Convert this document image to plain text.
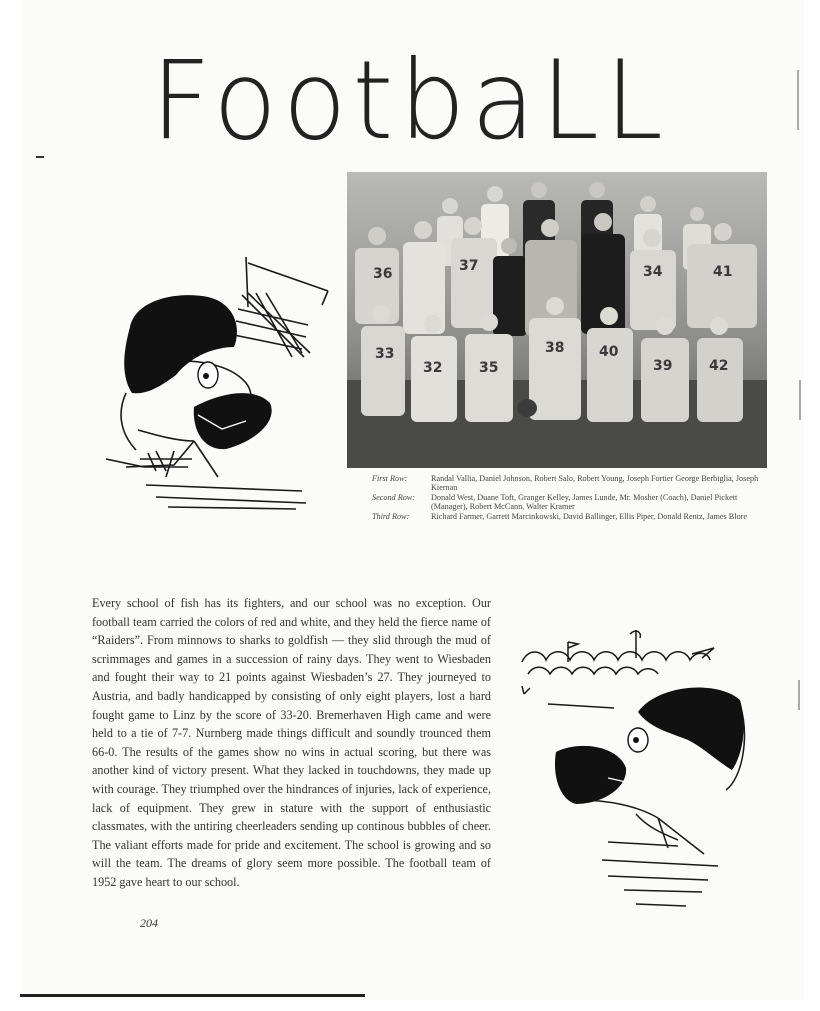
FootbaLL
36	37	34	41
33
32	35
38 40
39	42
First Row:	Randal Vallia, Daniel Johnson, Robert Salo, Robert Young, Joseph Fortier George Berbiglia, Joseph Kiernan
Second Row:	Donald West, Duane Toft, Granger Kelley, James Lunde, Mr. Mosher (Coach), Daniel Pickett (Manager), Robert McCann, Walter Kramer
Third Row:	Richard Farmer, Garrett Marcinkowski, David Ballinger, Ellis Piper, Donald Rentz, James Blore
Every school of fish has its fighters, and our school was no exception. Our football team carried the colors of red and white, and they held the fierce name of “Raiders”. From minnows to sharks to goldfish — they slid through the mud of scrimmages and games in a succession of rainy days. They went to Wiesbaden and fought their way to 21 points against Wiesbaden’s 27. They journeyed to Austria, and badly handicapped by consisting of only eight players, lost a hard fought game to Linz by the score of 33-20. Bremerhaven High came and were held to a tie of 7-7. Nurnberg made things difficult and soundly trounced them 66-0. The results of the games show no wins in actual scoring, but there was another kind of victory present. What they lacked in touchdowns, they made up with courage. They triumphed over the hindrances of injuries, lack of experience, lack of equipment. They grew in stature with the support of enthusiastic classmates, with the untiring cheerleaders sending up continous bubbles of cheer. The valiant efforts made for pride and excitement. The school is growing and so will the team. The dreams of glory seem more possible. The football team of 1952 gave heart to our school.
204
